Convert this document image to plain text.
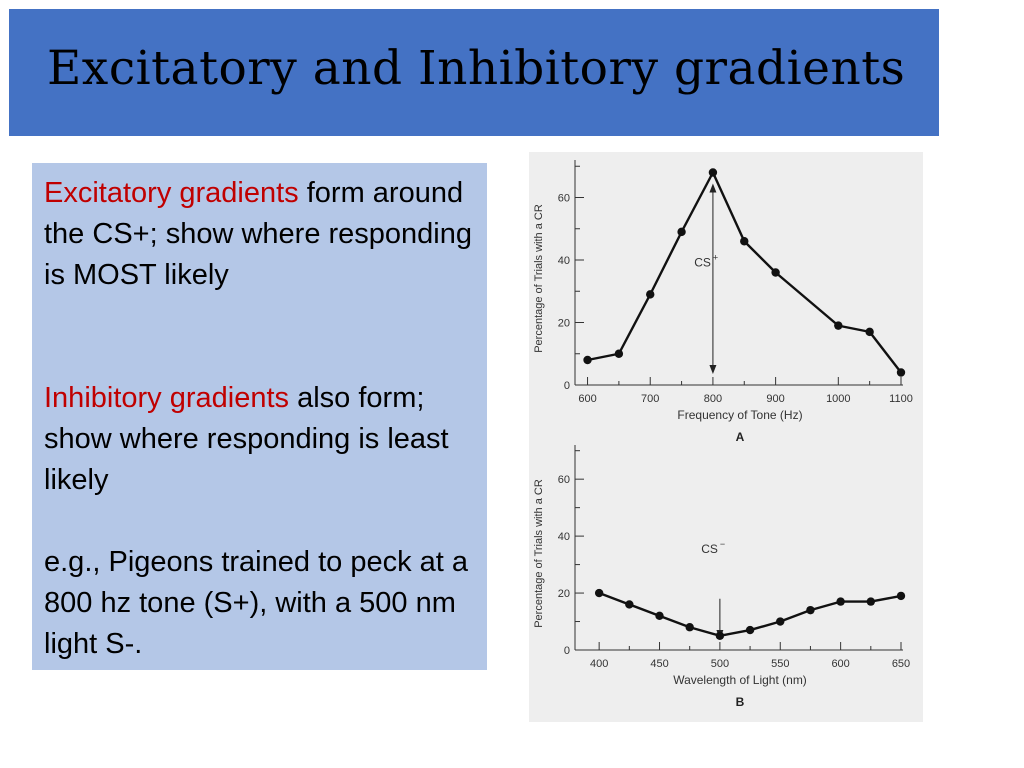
Excitatory and Inhibitory gradients

Excitatory gradients form around the CS+; show where responding is MOST likely

Inhibitory gradients also form; show where responding is least likely

e.g., Pigeons trained to peck at a 800 hz tone (S+), with a 500 nm light S-.

0
20
40
60
600	700	800	900	1000	1100
Percentage of Trials with a CR
Frequency of Tone (Hz)
A
CS +
0
20
40
60
400	450	500	550	600	650
Percentage of Trials with a CR
Wavelength of Light (nm)
B
CS −
